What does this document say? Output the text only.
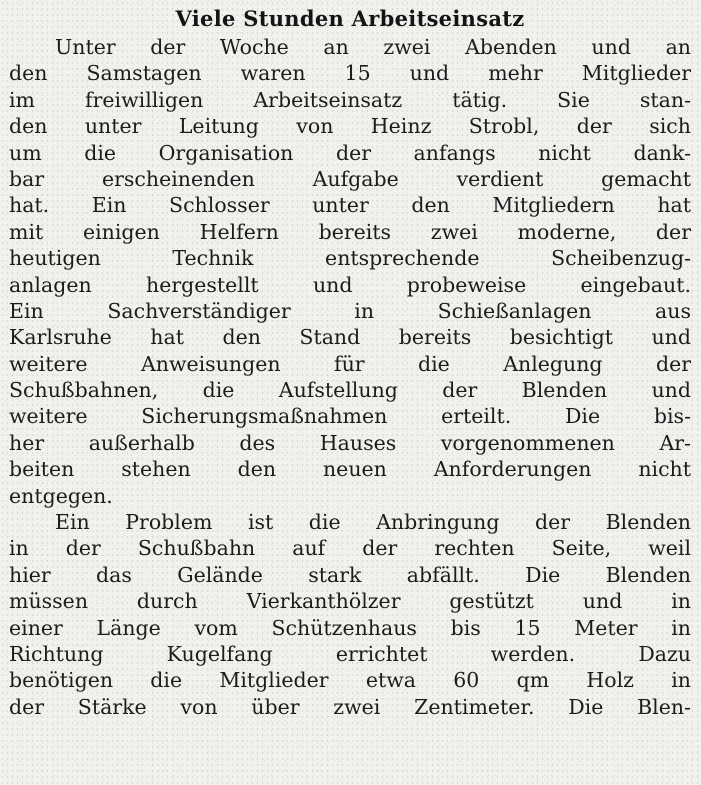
Viele Stunden Arbeitseinsatz
Unter der Woche an zwei Abenden und an
den Samstagen waren 15 und mehr Mitglieder
im freiwilligen Arbeitseinsatz tätig. Sie stan-
den unter Leitung von Heinz Strobl, der sich
um die Organisation der anfangs nicht dank-
bar erscheinenden Aufgabe verdient gemacht
hat. Ein Schlosser unter den Mitgliedern hat
mit einigen Helfern bereits zwei moderne, der
heutigen Technik entsprechende Scheibenzug-
anlagen hergestellt und probeweise eingebaut.
Ein Sachverständiger in Schießanlagen aus
Karlsruhe hat den Stand bereits besichtigt und
weitere Anweisungen für die Anlegung der
Schußbahnen, die Aufstellung der Blenden und
weitere Sicherungsmaßnahmen erteilt. Die bis-
her außerhalb des Hauses vorgenommenen Ar-
beiten stehen den neuen Anforderungen nicht
entgegen.
Ein Problem ist die Anbringung der Blenden
in der Schußbahn auf der rechten Seite, weil
hier das Gelände stark abfällt. Die Blenden
müssen durch Vierkanthölzer gestützt und in
einer Länge vom Schützenhaus bis 15 Meter in
Richtung Kugelfang errichtet werden. Dazu
benötigen die Mitglieder etwa 60 qm Holz in
der Stärke von über zwei Zentimeter. Die Blen-
